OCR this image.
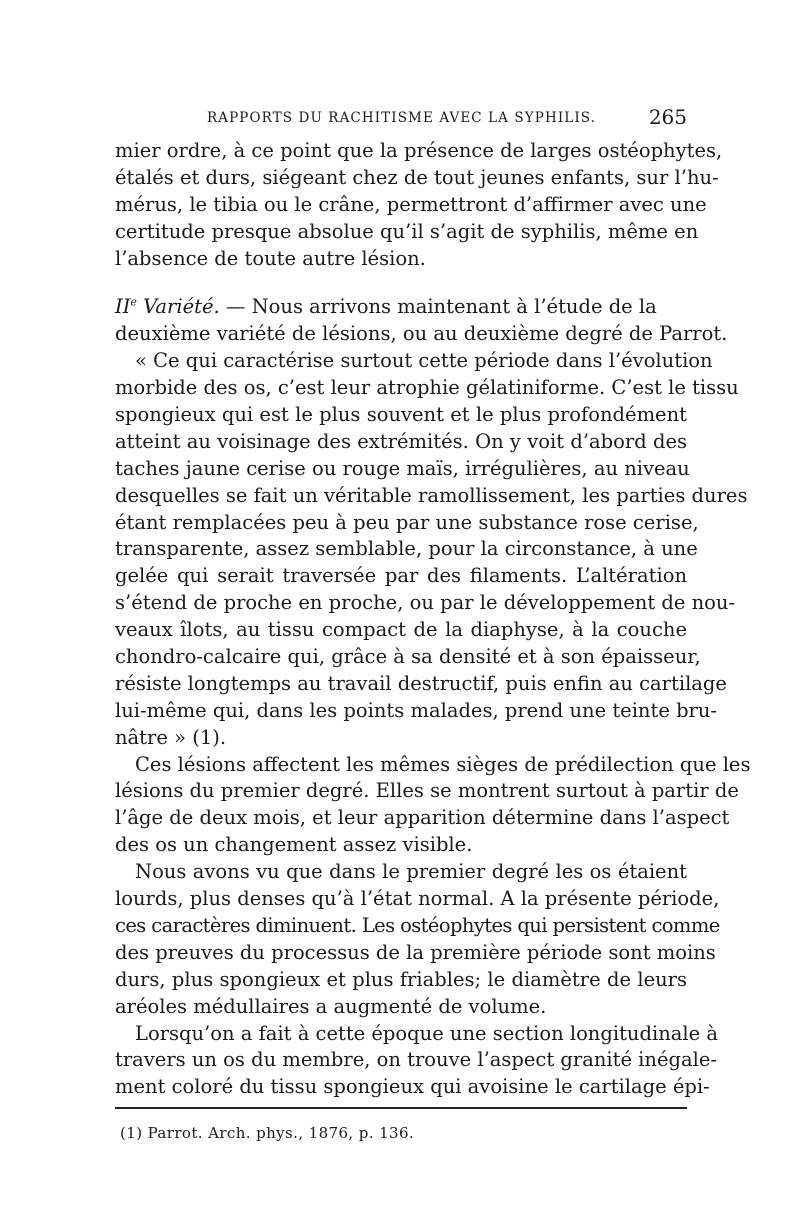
RAPPORTS DU RACHITISME AVEC LA SYPHILIS.	265
mier ordre, à ce point que la présence de larges ostéophytes,
étalés et durs, siégeant chez de tout jeunes enfants, sur l’hu-
mérus, le tibia ou le crâne, permettront d’affirmer avec une
certitude presque absolue qu’il s’agit de syphilis, même en
l’absence de toute autre lésion.
IIe Variété. — Nous arrivons maintenant à l’étude de la
deuxième variété de lésions, ou au deuxième degré de Parrot.
« Ce qui caractérise surtout cette période dans l’évolution
morbide des os, c’est leur atrophie gélatiniforme. C’est le tissu
spongieux qui est le plus souvent et le plus profondément
atteint au voisinage des extrémités. On y voit d’abord des
taches jaune cerise ou rouge maïs, irrégulières, au niveau
desquelles se fait un véritable ramollissement, les parties dures
étant remplacées peu à peu par une substance rose cerise,
transparente, assez semblable, pour la circonstance, à une
gelée qui serait traversée par des filaments. L’altération
s’étend de proche en proche, ou par le développement de nou-
veaux îlots, au tissu compact de la diaphyse, à la couche
chondro-calcaire qui, grâce à sa densité et à son épaisseur,
résiste longtemps au travail destructif, puis enfin au cartilage
lui-même qui, dans les points malades, prend une teinte bru-
nâtre » (1).
Ces lésions affectent les mêmes sièges de prédilection que les
lésions du premier degré. Elles se montrent surtout à partir de
l’âge de deux mois, et leur apparition détermine dans l’aspect
des os un changement assez visible.
Nous avons vu que dans le premier degré les os étaient
lourds, plus denses qu’à l’état normal. A la présente période,
ces caractères diminuent. Les ostéophytes qui persistent comme
des preuves du processus de la première période sont moins
durs, plus spongieux et plus friables; le diamètre de leurs
aréoles médullaires a augmenté de volume.
Lorsqu’on a fait à cette époque une section longitudinale à
travers un os du membre, on trouve l’aspect granité inégale-
ment coloré du tissu spongieux qui avoisine le cartilage épi-
(1) Parrot. Arch. phys., 1876, p. 136.
